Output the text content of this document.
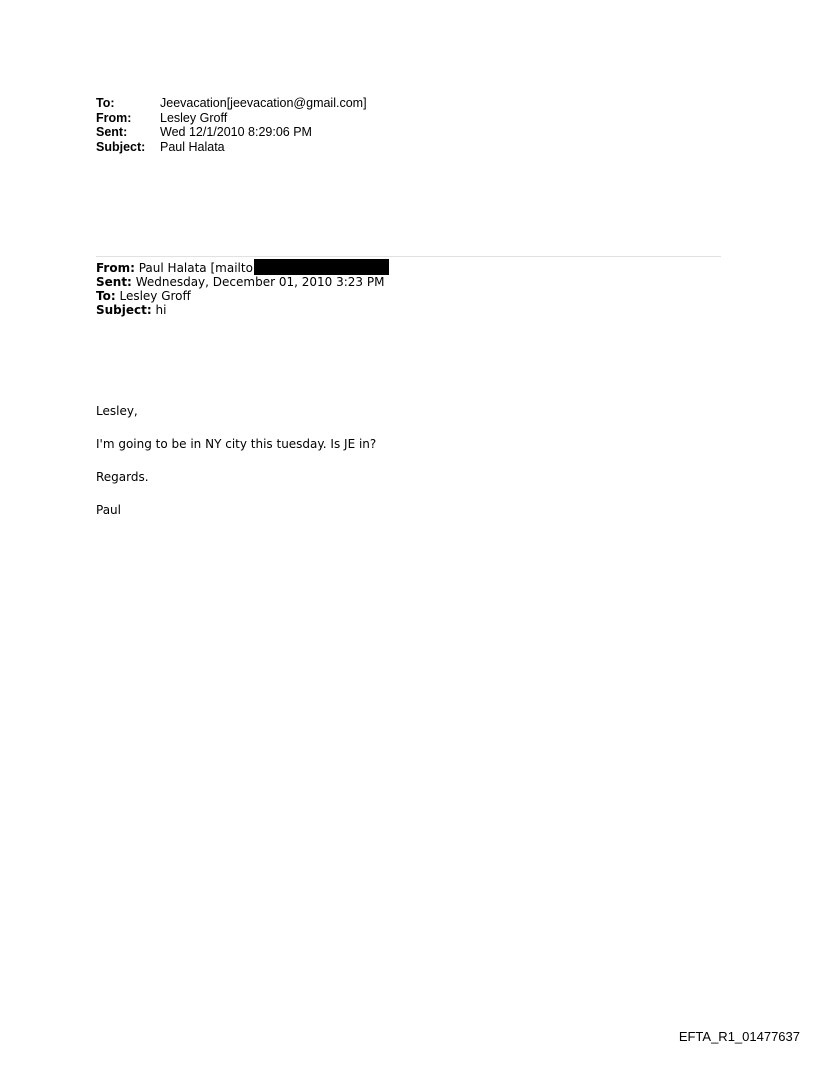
To:	Jeevacation[jeevacation@gmail.com]
From:	Lesley Groff
Sent:	Wed 12/1/2010 8:29:06 PM
Subject:	Paul Halata
From: Paul Halata [mailto
Sent: Wednesday, December 01, 2010 3:23 PM
To: Lesley Groff
Subject: hi

Lesley,

I'm going to be in NY city this tuesday. Is JE in?

Regards.

Paul

EFTA_R1_01477637
